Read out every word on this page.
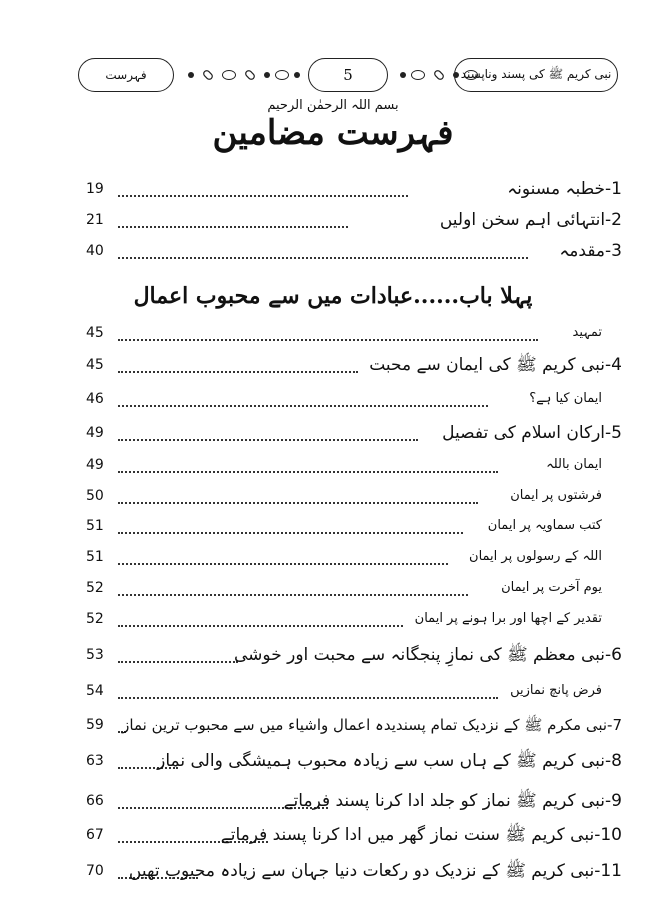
فہرست	5	نبی کریم ﷺ کی پسند وناپسند
بسم اللہ الرحمٰن الرحیم
فہرست مضامین
19	1-خطبہ مسنونہ
21	2-انتہائی اہم سخن اولیں
40	3-مقدمہ
پہلا باب......عبادات میں سے محبوب اعمال
45	تمہید
45	4-نبی کریم ﷺ کی ایمان سے محبت
46	ایمان کیا ہے؟
49	5-ارکان اسلام کی تفصیل
49	ایمان باللہ
50	فرشتوں پر ایمان
51	کتب سماویہ پر ایمان
51	اللہ کے رسولوں پر ایمان
52	یوم آخرت پر ایمان
52	تقدیر کے اچھا اور برا ہونے پر ایمان
53	6-نبی معظم ﷺ کی نمازِ پنجگانہ سے محبت اور خوشی
54	فرض پانچ نمازیں
59	7-نبی مکرم ﷺ کے نزدیک تمام پسندیدہ اعمال واشیاء میں سے محبوب ترین نماز
63	8-نبی کریم ﷺ کے ہاں سب سے زیادہ محبوب ہمیشگی والی نماز
66	9-نبی کریم ﷺ نماز کو جلد ادا کرنا پسند فرماتے
67	10-نبی کریم ﷺ سنت نماز گھر میں ادا کرنا پسند فرماتے
70	11-نبی کریم ﷺ کے نزدیک دو رکعات دنیا جہان سے زیادہ محبوب تھیں
